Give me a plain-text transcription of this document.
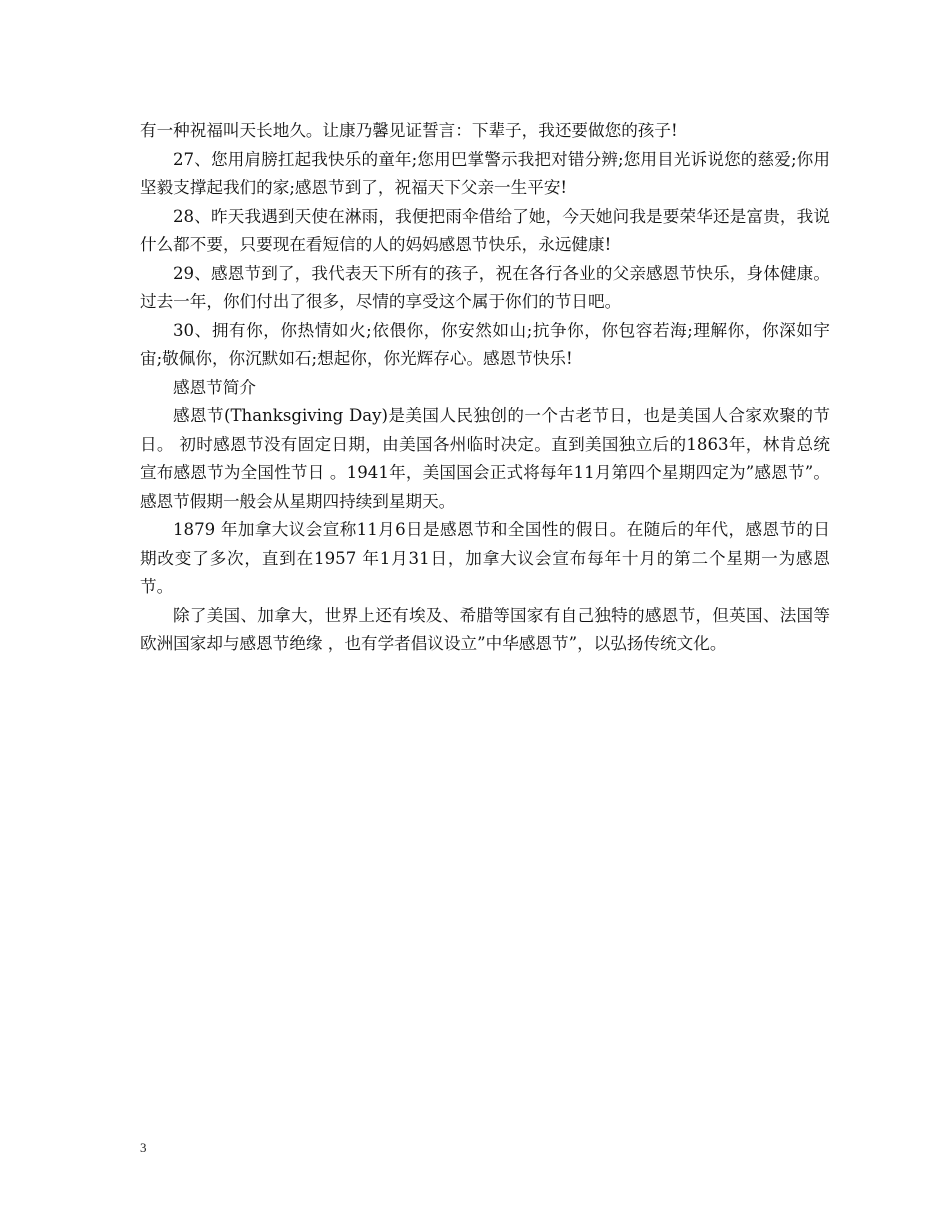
有一种祝福叫天长地久。让康乃馨见证誓言：下辈子，我还要做您的孩子!

27、您用肩膀扛起我快乐的童年;您用巴掌警示我把对错分辨;您用目光诉说您的慈爱;你用坚毅支撑起我们的家;感恩节到了，祝福天下父亲一生平安!

28、昨天我遇到天使在淋雨，我便把雨伞借给了她，今天她问我是要荣华还是富贵，我说什么都不要，只要现在看短信的人的妈妈感恩节快乐，永远健康!

29、感恩节到了，我代表天下所有的孩子，祝在各行各业的父亲感恩节快乐，身体健康。过去一年，你们付出了很多，尽情的享受这个属于你们的节日吧。

30、拥有你，你热情如火;依偎你，你安然如山;抗争你，你包容若海;理解你，你深如宇宙;敬佩你，你沉默如石;想起你，你光辉存心。感恩节快乐!

感恩节简介

感恩节(Thanksgiving Day)是美国人民独创的一个古老节日，也是美国人合家欢聚的节日。 初时感恩节没有固定日期，由美国各州临时决定。直到美国独立后的1863年，林肯总统宣布感恩节为全国性节日 。1941年，美国国会正式将每年11月第四个星期四定为”感恩节”。感恩节假期一般会从星期四持续到星期天。

1879 年加拿大议会宣称11月6日是感恩节和全国性的假日。在随后的年代，感恩节的日期改变了多次，直到在1957 年1月31日，加拿大议会宣布每年十月的第二个星期一为感恩节。

除了美国、加拿大，世界上还有埃及、希腊等国家有自己独特的感恩节，但英国、法国等欧洲国家却与感恩节绝缘 ，也有学者倡议设立”中华感恩节”，以弘扬传统文化。

3
